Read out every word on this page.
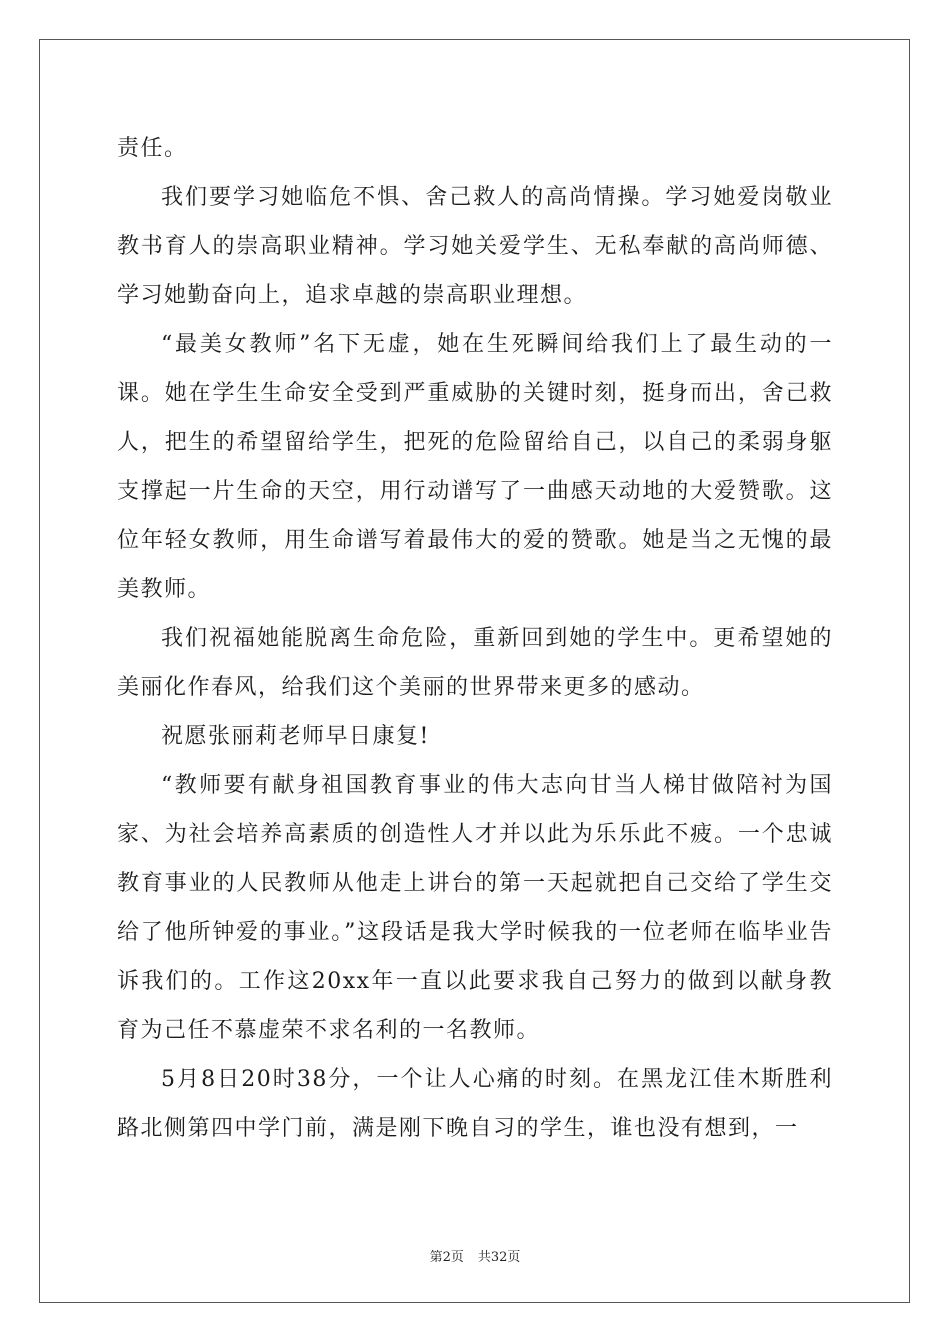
责任。

我们要学习她临危不惧、舍己救人的高尚情操。学习她爱岗敬业教书育人的崇高职业精神。学习她关爱学生、无私奉献的高尚师德、学习她勤奋向上，追求卓越的崇高职业理想。

“最美女教师”名下无虚，她在生死瞬间给我们上了最生动的一课。她在学生生命安全受到严重威胁的关键时刻，挺身而出，舍己救人，把生的希望留给学生，把死的危险留给自己，以自己的柔弱身躯支撑起一片生命的天空，用行动谱写了一曲感天动地的大爱赞歌。这位年轻女教师，用生命谱写着最伟大的爱的赞歌。她是当之无愧的最美教师。

我们祝福她能脱离生命危险，重新回到她的学生中。更希望她的美丽化作春风，给我们这个美丽的世界带来更多的感动。

祝愿张丽莉老师早日康复!

“教师要有献身祖国教育事业的伟大志向甘当人梯甘做陪衬为国家、为社会培养高素质的创造性人才并以此为乐乐此不疲。一个忠诚教育事业的人民教师从他走上讲台的第一天起就把自己交给了学生交给了他所钟爱的事业。”这段话是我大学时候我的一位老师在临毕业告诉我们的。工作这20xx年一直以此要求我自己努力的做到以献身教育为己任不慕虚荣不求名利的一名教师。

5月8日20时38分，一个让人心痛的时刻。在黑龙江佳木斯胜利路北侧第四中学门前，满是刚下晚自习的学生，谁也没有想到，一

第2页 共32页
